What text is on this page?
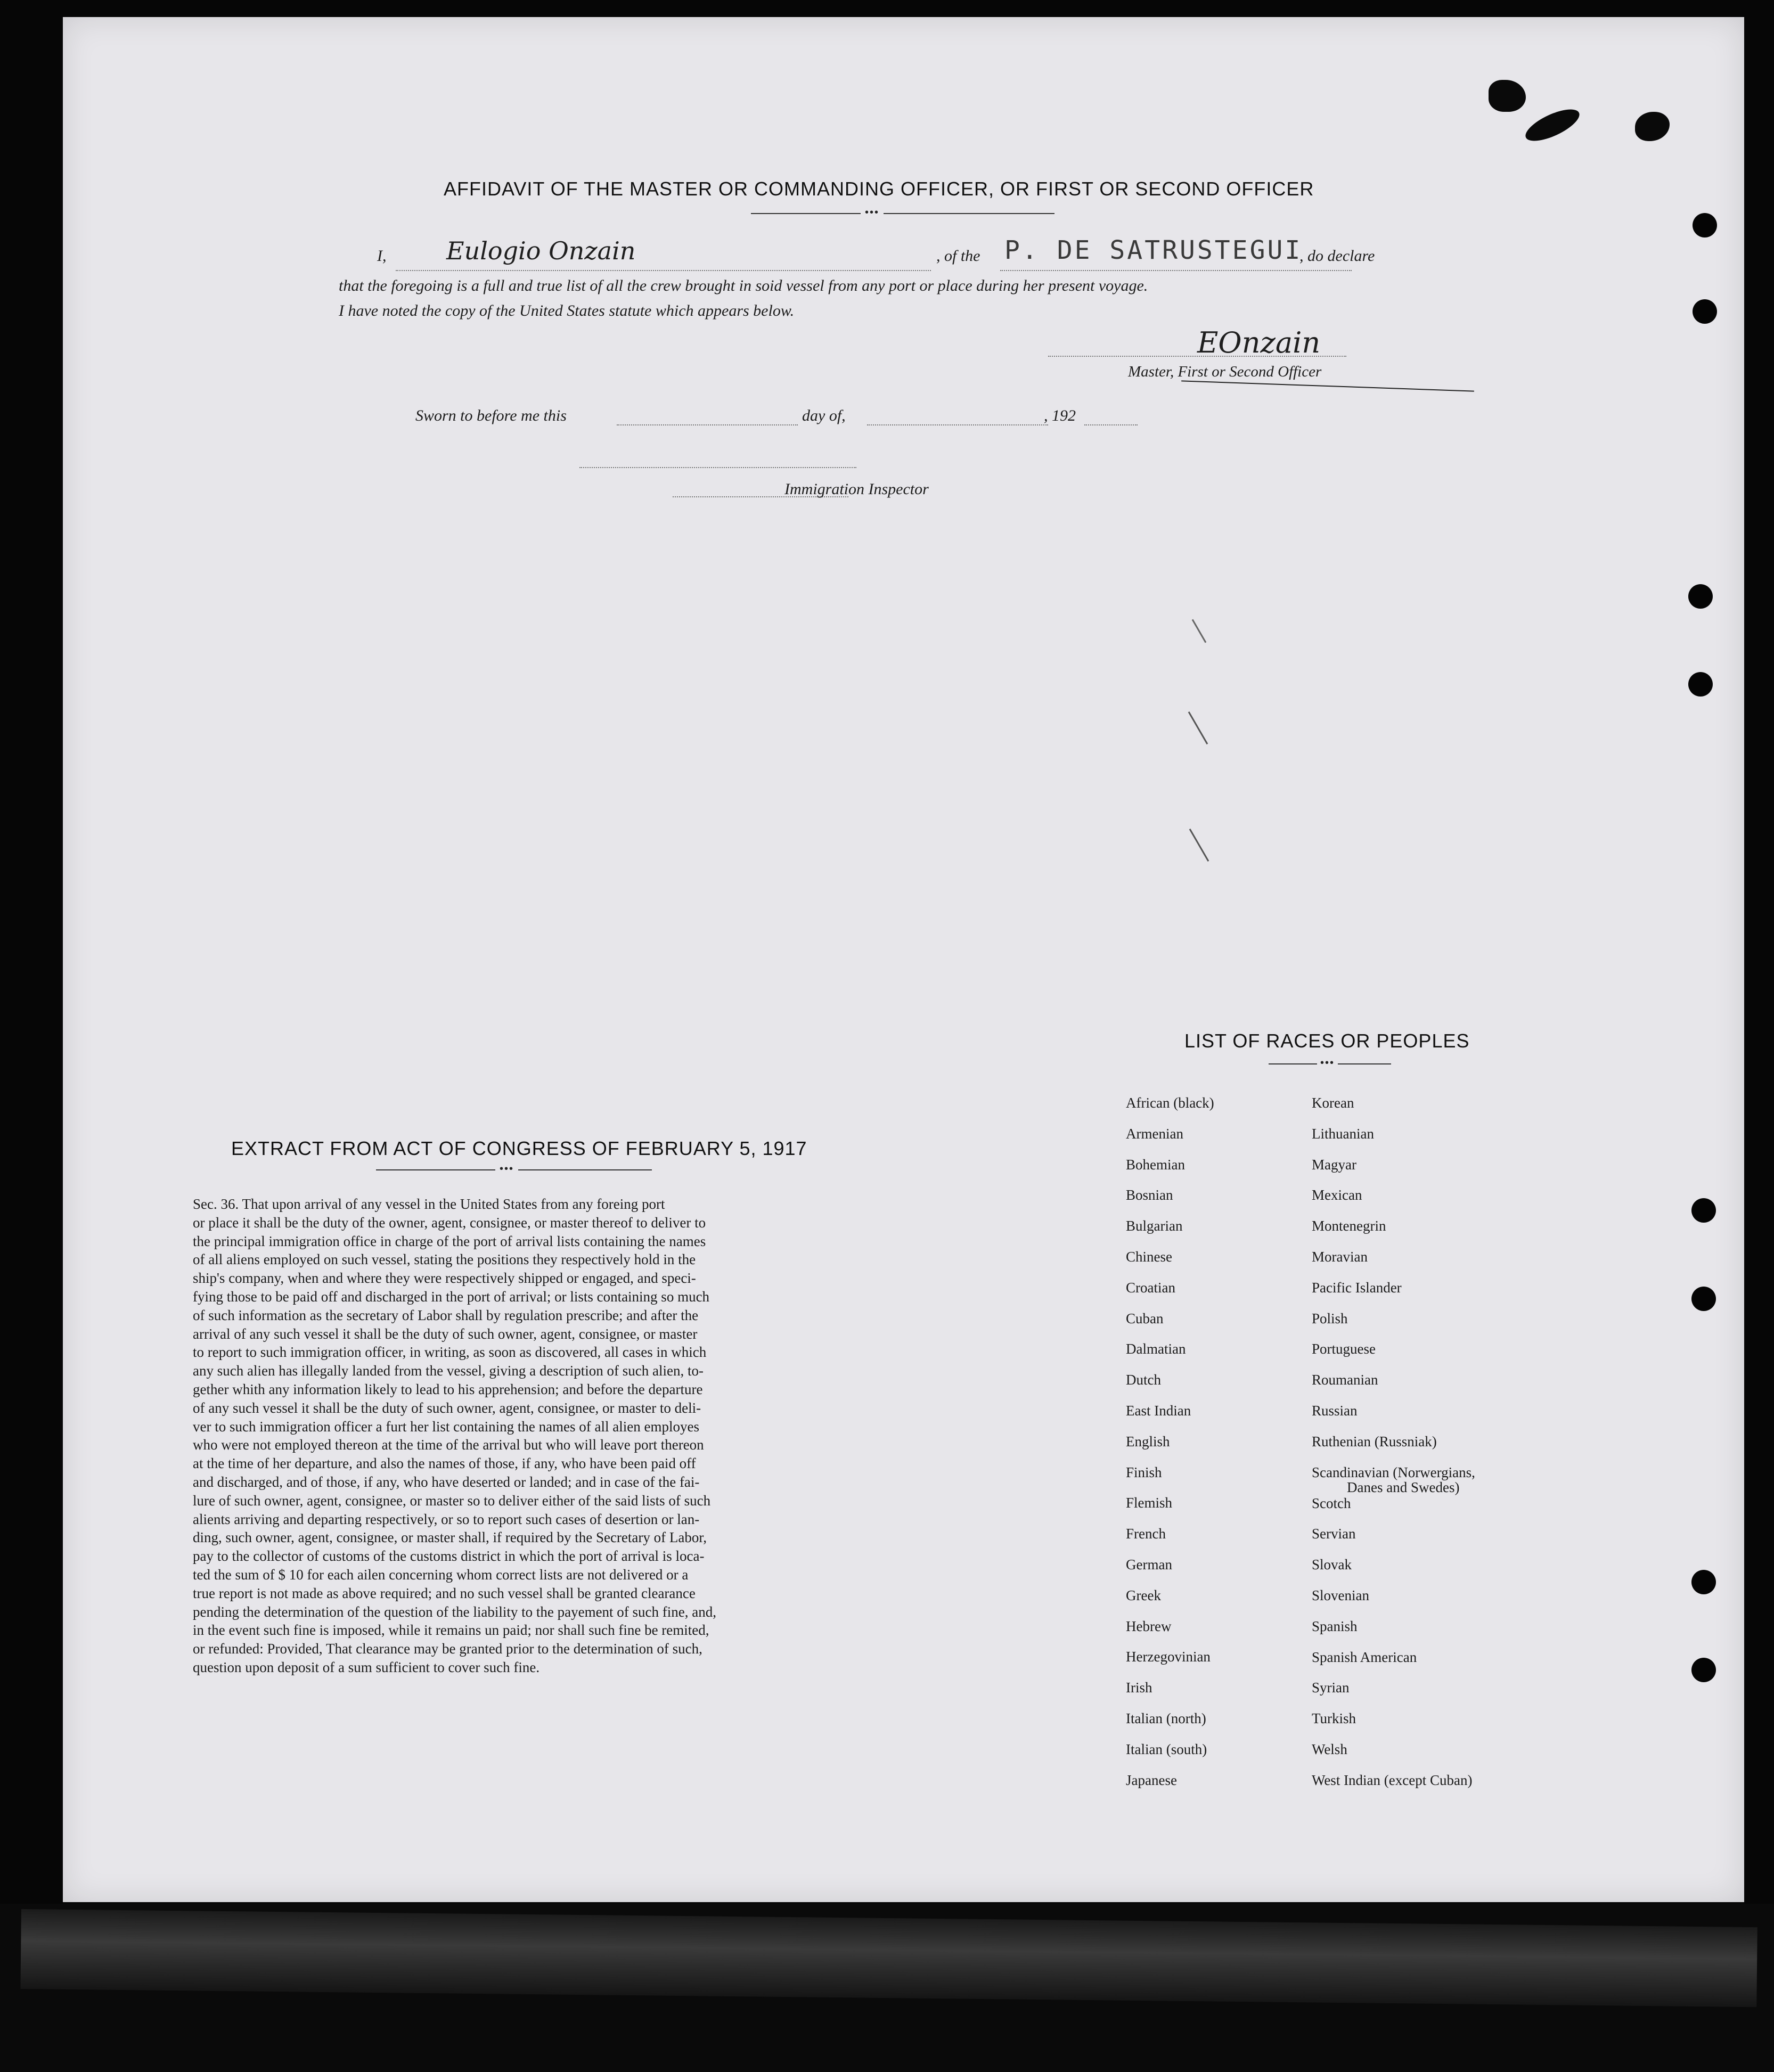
AFFIDAVIT OF THE MASTER OR COMMANDING OFFICER, OR FIRST OR SECOND OFFICER
•••
I, Eulogio Onzain	, of the P. DE SATRUSTEGUI
, do declare
that the foregoing is a full and true list of all the crew brought in soid vessel from any port or place during her present voyage.
I have noted the copy of the United States statute which appears below.
EOnzain
Master, First or Second Officer
Sworn to before me this	day of,	, 192
Immigration Inspector
EXTRACT FROM ACT OF CONGRESS OF FEBRUARY 5, 1917
•••
Sec. 36. That upon arrival of any vessel in the United States from any foreing port
or place it shall be the duty of the owner, agent, consignee, or master thereof to deliver to
the principal immigration office in charge of the port of arrival lists containing the names
of all aliens employed on such vessel, stating the positions they respectively hold in the
ship's company, when and where they were respectively shipped or engaged, and speci-
fying those to be paid off and discharged in the port of arrival; or lists containing so much
of such information as the secretary of Labor shall by regulation prescribe; and after the
arrival of any such vessel it shall be the duty of such owner, agent, consignee, or master
to report to such immigration officer, in writing, as soon as discovered, all cases in which
any such alien has illegally landed from the vessel, giving a description of such alien, to-
gether whith any information likely to lead to his apprehension; and before the departure
of any such vessel it shall be the duty of such owner, agent, consignee, or master to deli-
ver to such immigration officer a furt her list containing the names of all alien employes
who were not employed thereon at the time of the arrival but who will leave port thereon
at the time of her departure, and also the names of those, if any, who have been paid off
and discharged, and of those, if any, who have deserted or landed; and in case of the fai-
lure of such owner, agent, consignee, or master so to deliver either of the said lists of such
alients arriving and departing respectively, or so to report such cases of desertion or lan-
ding, such owner, agent, consignee, or master shall, if required by the Secretary of Labor,
pay to the collector of customs of the customs district in which the port of arrival is loca-
ted the sum of $ 10 for each ailen concerning whom correct lists are not delivered or a
true report is not made as above required; and no such vessel shall be granted clearance
pending the determination of the question of the liability to the payement of such fine, and,
in the event such fine is imposed, while it remains un paid; nor shall such fine be remited,
or refunded: Provided, That clearance may be granted prior to the determination of such,
question upon deposit of a sum sufficient to cover such fine.
LIST OF RACES OR PEOPLES
•••
African (black)
Armenian
Bohemian
Bosnian
Bulgarian
Chinese
Croatian
Cuban
Dalmatian
Dutch
East Indian
English
Finish
Flemish
French
German
Greek
Hebrew
Herzegovinian
Irish
Italian (north)
Italian (south)
Japanese
Korean
Lithuanian
Magyar
Mexican
Montenegrin
Moravian
Pacific Islander
Polish
Portuguese
Roumanian
Russian
Ruthenian (Russniak)
Scandinavian (Norwergians,
Danes and Swedes)
Scotch
Servian
Slovak
Slovenian
Spanish
Spanish American
Syrian
Turkish
Welsh
West Indian (except Cuban)
